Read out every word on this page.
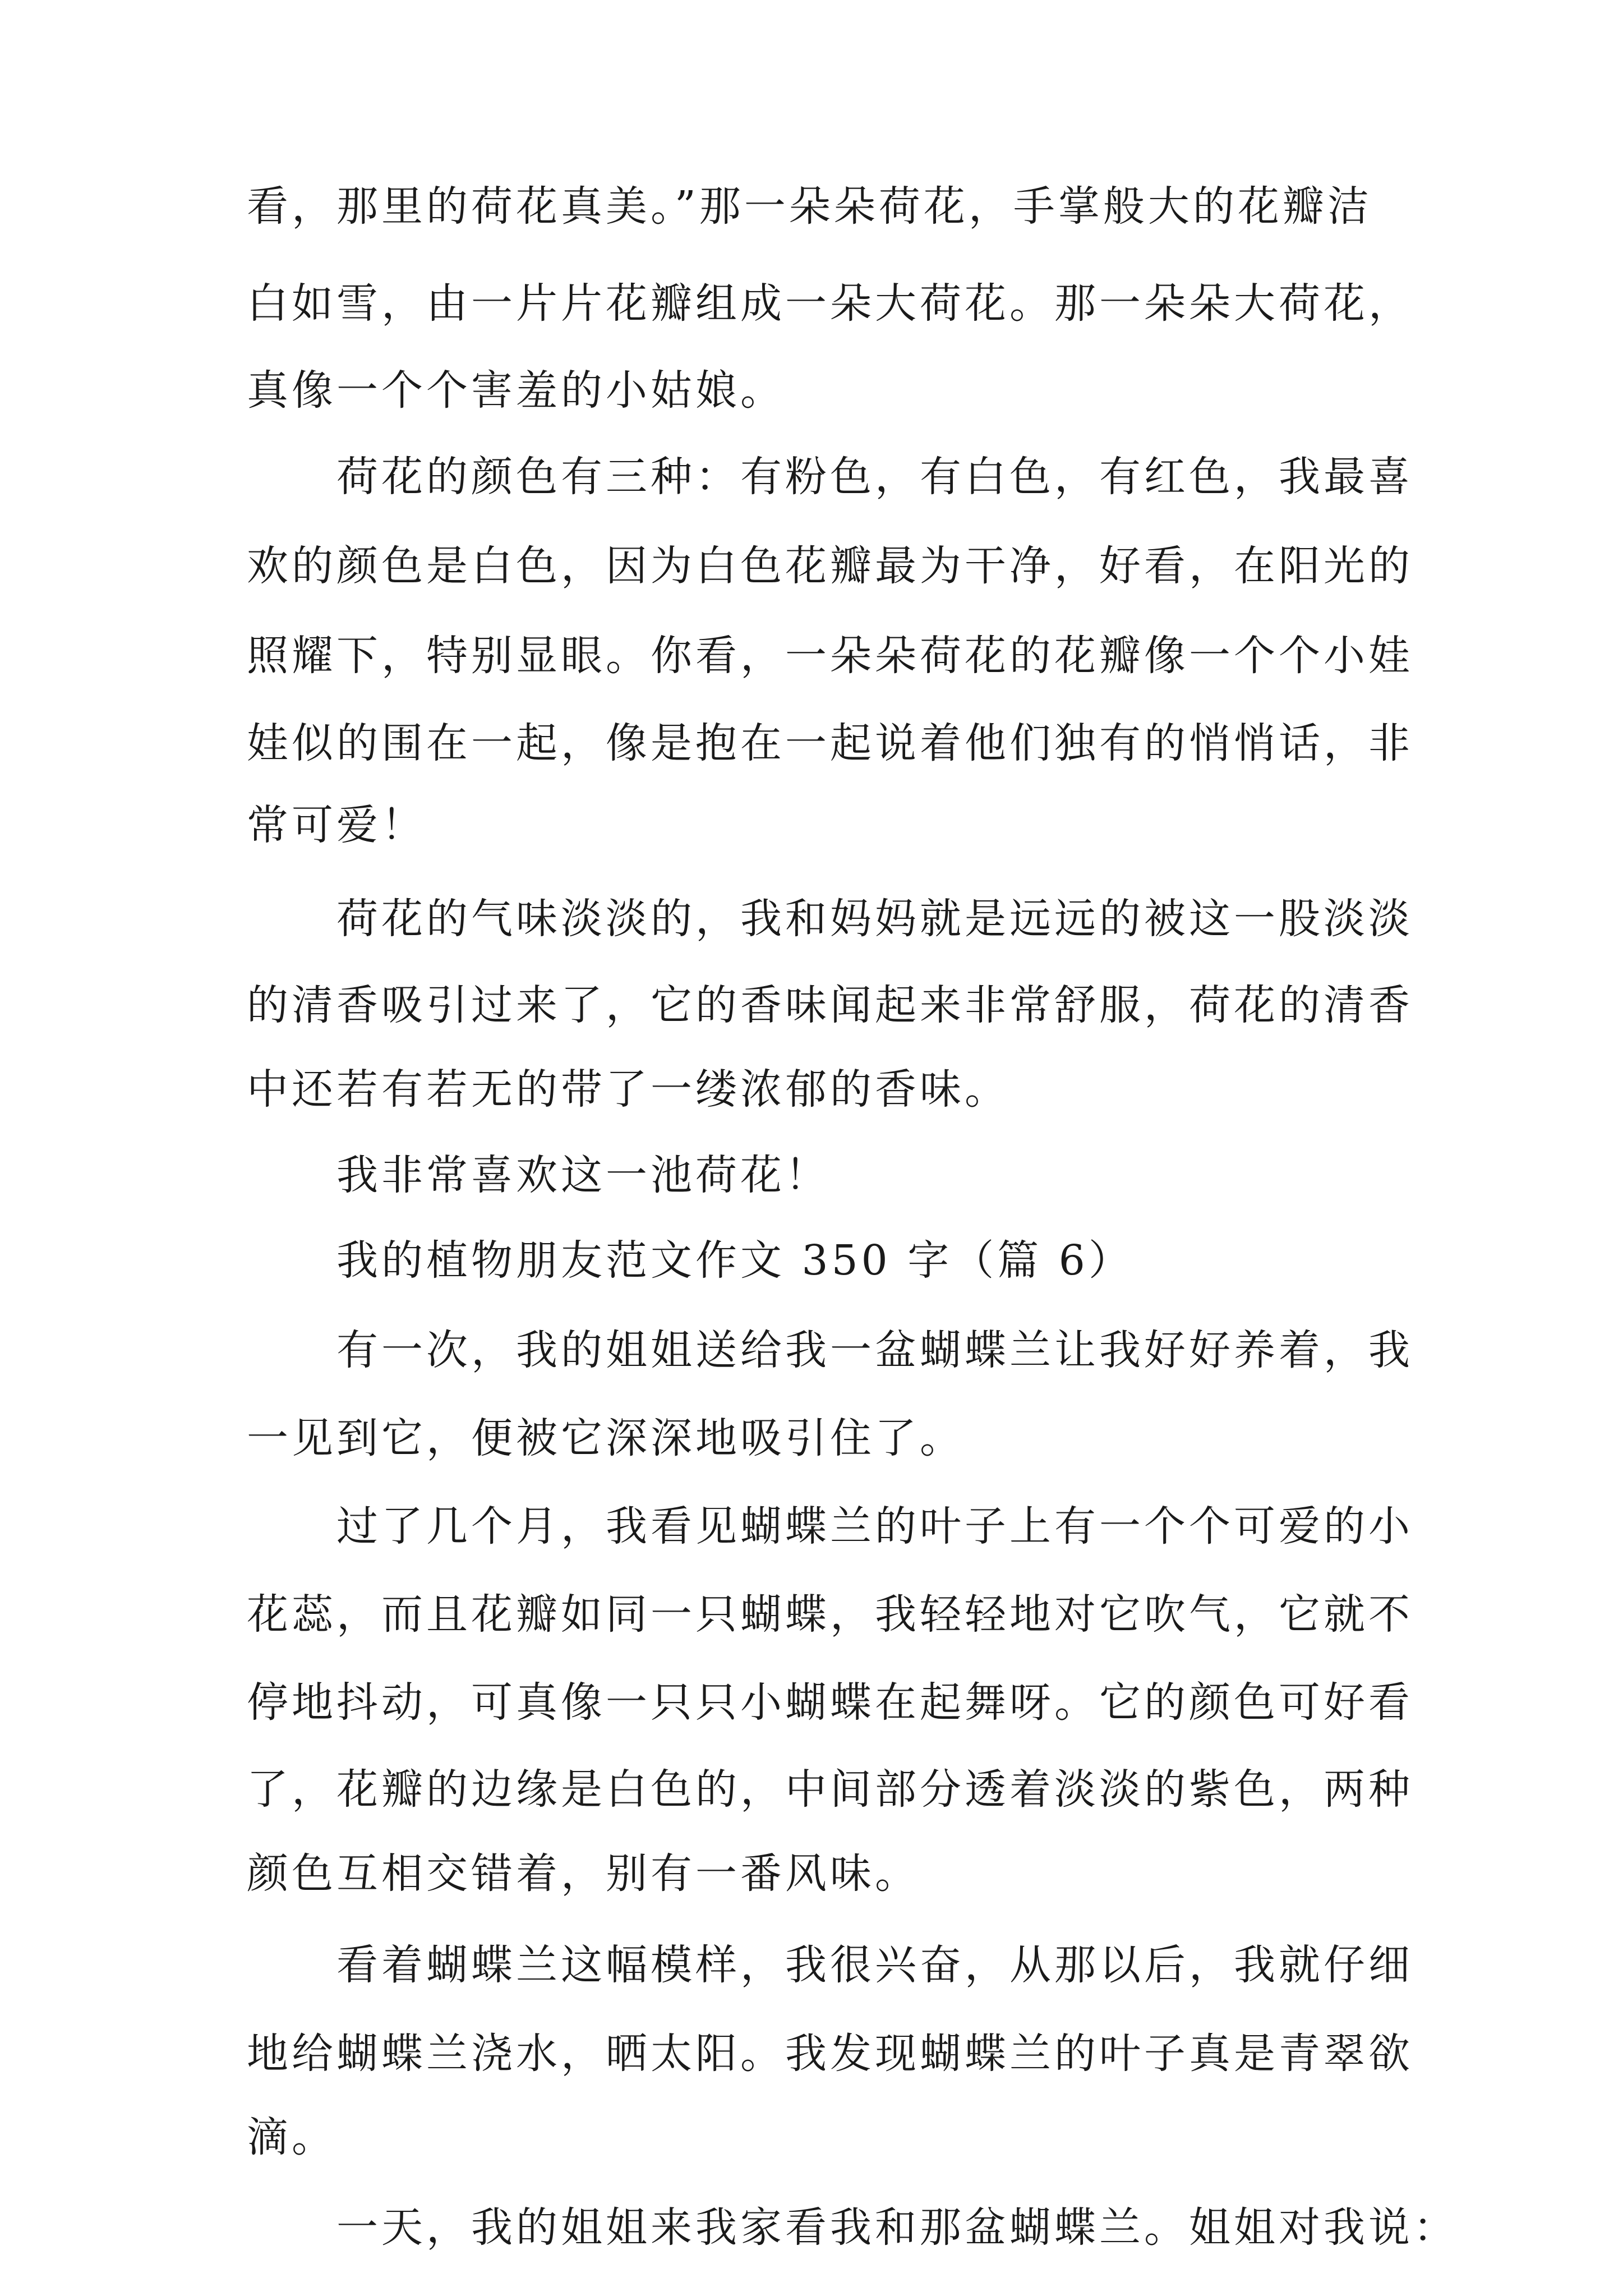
看，那里的荷花真美。”那一朵朵荷花，手掌般大的花瓣洁
白如雪，由一片片花瓣组成一朵大荷花。那一朵朵大荷花，
真像一个个害羞的小姑娘。
荷花的颜色有三种：有粉色，有白色，有红色，我最喜
欢的颜色是白色，因为白色花瓣最为干净，好看，在阳光的
照耀下，特别显眼。你看，一朵朵荷花的花瓣像一个个小娃
娃似的围在一起，像是抱在一起说着他们独有的悄悄话，非
常可爱！
荷花的气味淡淡的，我和妈妈就是远远的被这一股淡淡
的清香吸引过来了，它的香味闻起来非常舒服，荷花的清香
中还若有若无的带了一缕浓郁的香味。
我非常喜欢这一池荷花！
我的植物朋友范文作文 350 字（篇 6）
有一次，我的姐姐送给我一盆蝴蝶兰让我好好养着，我
一见到它，便被它深深地吸引住了。
过了几个月，我看见蝴蝶兰的叶子上有一个个可爱的小
花蕊，而且花瓣如同一只蝴蝶，我轻轻地对它吹气，它就不
停地抖动，可真像一只只小蝴蝶在起舞呀。它的颜色可好看
了，花瓣的边缘是白色的，中间部分透着淡淡的紫色，两种
颜色互相交错着，别有一番风味。
看着蝴蝶兰这幅模样，我很兴奋，从那以后，我就仔细
地给蝴蝶兰浇水，晒太阳。我发现蝴蝶兰的叶子真是青翠欲
滴。
一天，我的姐姐来我家看我和那盆蝴蝶兰。姐姐对我说：
